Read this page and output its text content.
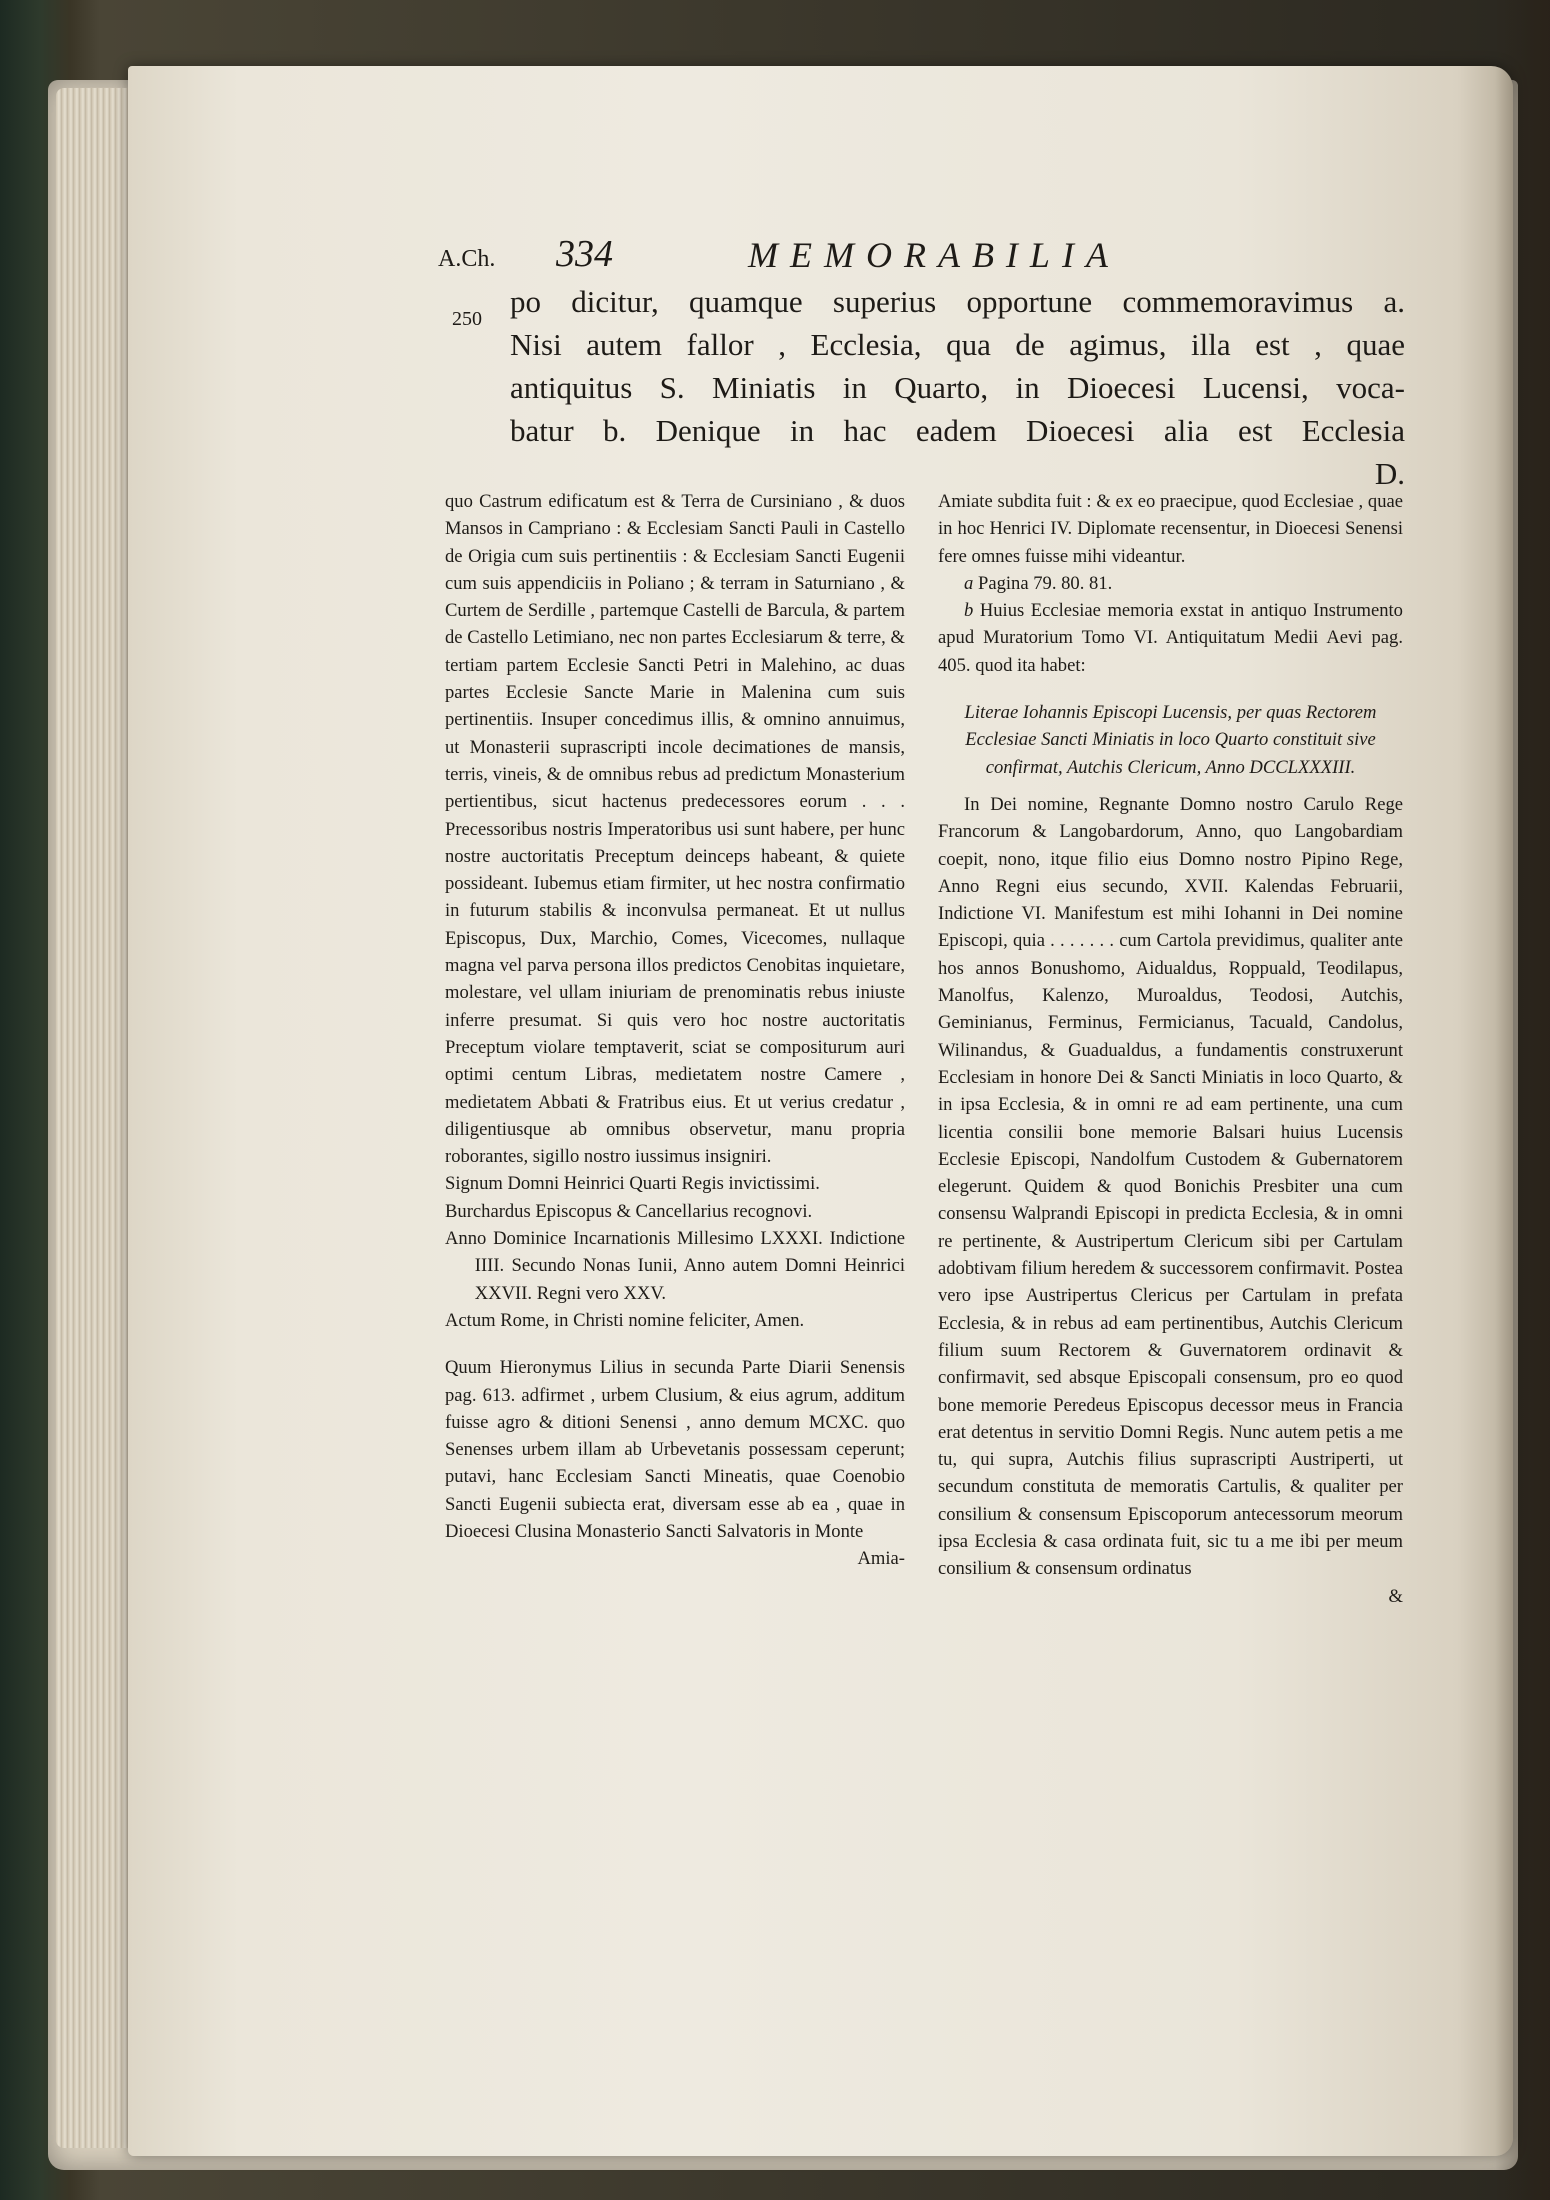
A.Ch. 334	MEMORABILIA
250 po dicitur, quamque superius opportune commemoravimus a.
Nisi autem fallor , Ecclesia, qua de agimus, illa est , quae
antiquitus S. Miniatis in Quarto, in Dioecesi Lucensi, voca-
batur b. Denique in hac eadem Dioecesi alia est Ecclesia
D.

quo Castrum edificatum est & Terra de Cursiniano , & duos Mansos in Campriano : & Ecclesiam Sancti Pauli in Castello de Origia cum suis pertinentiis : & Ecclesiam Sancti Eugenii cum suis appendiciis in Poliano ; & terram in Saturniano , & Curtem de Serdille , partemque Castelli de Barcula, & partem de Castello Letimiano, nec non partes Ecclesiarum & terre, & tertiam partem Ecclesie Sancti Petri in Malehino, ac duas partes Ecclesie Sancte Marie in Malenina cum suis pertinentiis. Insuper concedimus illis, & omnino annuimus, ut Monasterii suprascripti incole decimationes de mansis, terris, vineis, & de omnibus rebus ad predictum Monasterium pertientibus, sicut hactenus predecessores eorum . . . Precessoribus nostris Imperatoribus usi sunt habere, per hunc nostre auctoritatis Preceptum deinceps habeant, & quiete possideant. Iubemus etiam firmiter, ut hec nostra confirmatio in futurum stabilis & inconvulsa permaneat. Et ut nullus Episcopus, Dux, Marchio, Comes, Vicecomes, nullaque magna vel parva persona illos predictos Cenobitas inquietare, molestare, vel ullam iniuriam de prenominatis rebus iniuste inferre presumat. Si quis vero hoc nostre auctoritatis Preceptum violare temptaverit, sciat se compositurum auri optimi centum Libras, medietatem nostre Camere , medietatem Abbati & Fratribus eius. Et ut verius credatur , diligentiusque ab omnibus observetur, manu propria roborantes, sigillo nostro iussimus insigniri.

Signum Domni Heinrici Quarti Regis invictissimi.

Burchardus Episcopus & Cancellarius recognovi.

Anno Dominice Incarnationis Millesimo LXXXI. Indictione IIII. Secundo Nonas Iunii, Anno autem Domni Heinrici XXVII. Regni vero XXV.

Actum Rome, in Christi nomine feliciter, Amen.

Quum Hieronymus Lilius in secunda Parte Diarii Senensis pag. 613. adfirmet , urbem Clusium, & eius agrum, additum fuisse agro & ditioni Senensi , anno demum MCXC. quo Senenses urbem illam ab Urbevetanis possessam ceperunt; putavi, hanc Ecclesiam Sancti Mineatis, quae Coenobio Sancti Eugenii subiecta erat, diversam esse ab ea , quae in Dioecesi Clusina Monasterio Sancti Salvatoris in Monte

Amia-

Amiate subdita fuit : & ex eo praecipue, quod Ecclesiae , quae in hoc Henrici IV. Diplomate recensentur, in Dioecesi Senensi fere omnes fuisse mihi videantur.

a Pagina 79. 80. 81.

b Huius Ecclesiae memoria exstat in antiquo Instrumento apud Muratorium Tomo VI. Antiquitatum Medii Aevi pag. 405. quod ita habet:

Literae Iohannis Episcopi Lucensis, per quas Rectorem Ecclesiae Sancti Miniatis in loco Quarto constituit sive confirmat, Autchis Clericum, Anno DCCLXXXIII.

In Dei nomine, Regnante Domno nostro Carulo Rege Francorum & Langobardorum, Anno, quo Langobardiam coepit, nono, itque filio eius Domno nostro Pipino Rege, Anno Regni eius secundo, XVII. Kalendas Februarii, Indictione VI. Manifestum est mihi Iohanni in Dei nomine Episcopi, quia . . . . . . . cum Cartola previdimus, qualiter ante hos annos Bonushomo, Aidualdus, Roppuald, Teodilapus, Manolfus, Kalenzo, Muroaldus, Teodosi, Autchis, Geminianus, Ferminus, Fermicianus, Tacuald, Candolus, Wilinandus, & Guadualdus, a fundamentis construxerunt Ecclesiam in honore Dei & Sancti Miniatis in loco Quarto, & in ipsa Ecclesia, & in omni re ad eam pertinente, una cum licentia consilii bone memorie Balsari huius Lucensis Ecclesie Episcopi, Nandolfum Custodem & Gubernatorem elegerunt. Quidem & quod Bonichis Presbiter una cum consensu Walprandi Episcopi in predicta Ecclesia, & in omni re pertinente, & Austripertum Clericum sibi per Cartulam adobtivam filium heredem & successorem confirmavit. Postea vero ipse Austripertus Clericus per Cartulam in prefata Ecclesia, & in rebus ad eam pertinentibus, Autchis Clericum filium suum Rectorem & Guvernatorem ordinavit & confirmavit, sed absque Episcopali consensum, pro eo quod bone memorie Peredeus Episcopus decessor meus in Francia erat detentus in servitio Domni Regis. Nunc autem petis a me tu, qui supra, Autchis filius suprascripti Austriperti, ut secundum constituta de memoratis Cartulis, & qualiter per consilium & consensum Episcoporum antecessorum meorum ipsa Ecclesia & casa ordinata fuit, sic tu a me ibi per meum consilium & consensum ordinatus

&
